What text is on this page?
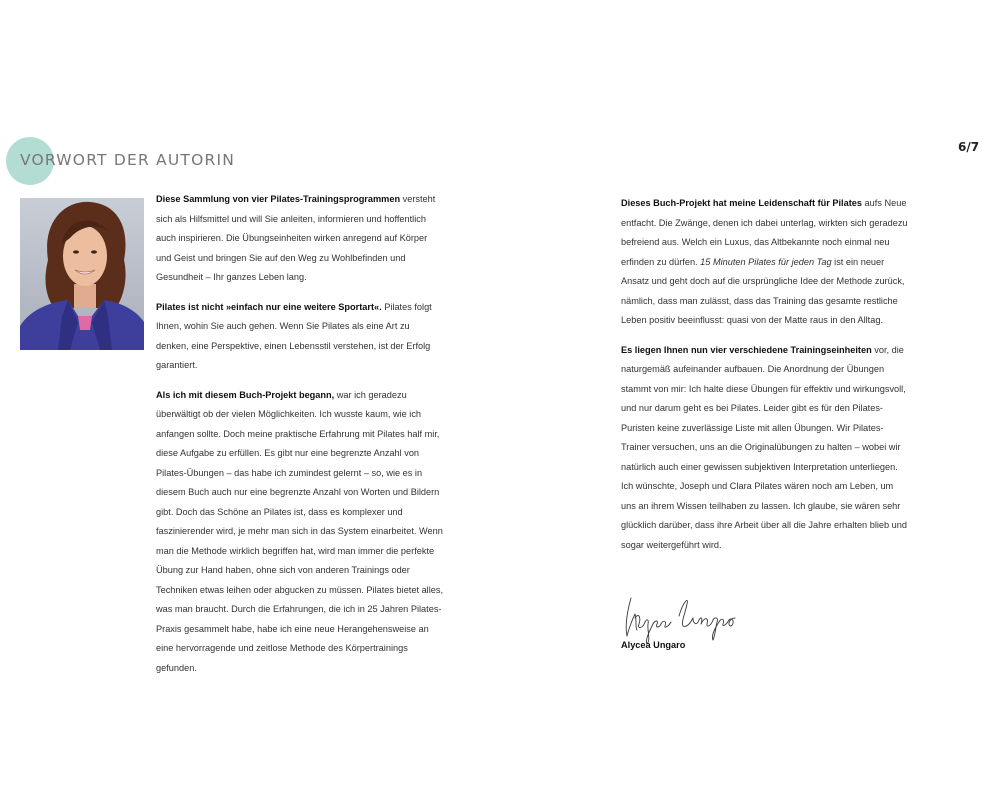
6/7
VORWORT DER AUTORIN

Diese Sammlung von vier Pilates-Trainingsprogrammen versteht sich als Hilfsmittel und will Sie anleiten, informieren und hoffentlich auch inspirieren. Die Übungseinheiten wirken anregend auf Körper und Geist und bringen Sie auf den Weg zu Wohlbefinden und Gesundheit – Ihr ganzes Leben lang.

Pilates ist nicht »einfach nur eine weitere Sportart«. Pilates folgt Ihnen, wohin Sie auch gehen. Wenn Sie Pilates als eine Art zu denken, eine Perspektive, einen Lebensstil verstehen, ist der Erfolg garantiert.

Als ich mit diesem Buch-Projekt begann, war ich geradezu überwältigt ob der vielen Möglichkeiten. Ich wusste kaum, wie ich anfangen sollte. Doch meine praktische Erfahrung mit Pilates half mir, diese Aufgabe zu erfüllen. Es gibt nur eine begrenzte Anzahl von Pilates-Übungen – das habe ich zumindest gelernt – so, wie es in diesem Buch auch nur eine begrenzte Anzahl von Worten und Bildern gibt. Doch das Schöne an Pilates ist, dass es komplexer und faszinierender wird, je mehr man sich in das System einarbeitet. Wenn man die Methode wirklich begriffen hat, wird man immer die perfekte Übung zur Hand haben, ohne sich von anderen Trainings oder Techniken etwas leihen oder abgucken zu müssen. Pilates bietet alles, was man braucht. Durch die Erfahrungen, die ich in 25 Jahren Pilates-Praxis gesammelt habe, habe ich eine neue Herangehensweise an eine hervorragende und zeitlose Methode des Körpertrainings gefunden.

Dieses Buch-Projekt hat meine Leidenschaft für Pilates aufs Neue entfacht. Die Zwänge, denen ich dabei unterlag, wirkten sich geradezu befreiend aus. Welch ein Luxus, das Altbekannte noch einmal neu erfinden zu dürfen. 15 Minuten Pilates für jeden Tag ist ein neuer Ansatz und geht doch auf die ursprüngliche Idee der Methode zurück, nämlich, dass man zulässt, dass das Training das gesamte restliche Leben positiv beeinflusst: quasi von der Matte raus in den Alltag.

Es liegen Ihnen nun vier verschiedene Trainingseinheiten vor, die naturgemäß aufeinander aufbauen. Die Anordnung der Übungen stammt von mir: Ich halte diese Übungen für effektiv und wirkungsvoll, und nur darum geht es bei Pilates. Leider gibt es für den Pilates-Puristen keine zuverlässige Liste mit allen Übungen. Wir Pilates-Trainer versuchen, uns an die Originalübungen zu halten – wobei wir natürlich auch einer gewissen subjektiven Interpretation unterliegen. Ich wünschte, Joseph und Clara Pilates wären noch am Leben, um uns an ihrem Wissen teilhaben zu lassen. Ich glaube, sie wären sehr glücklich darüber, dass ihre Arbeit über all die Jahre erhalten blieb und sogar weitergeführt wird.

Alycea Ungaro
